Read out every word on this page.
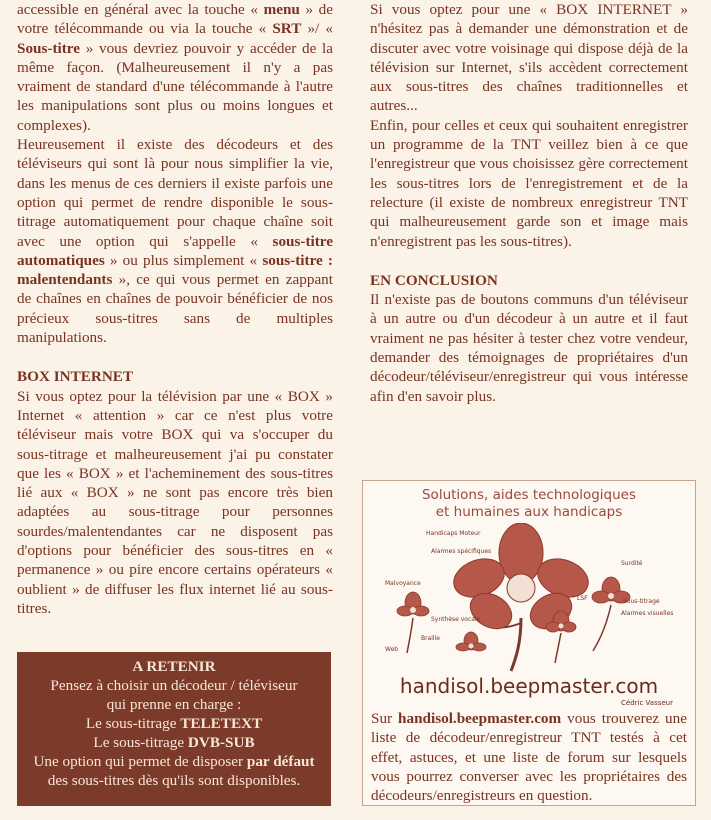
accessible en général avec la touche « menu » de votre télécommande ou via la touche « SRT »/ « Sous-titre » vous devriez pouvoir y accéder de la même façon. (Malheureusement il n'y a pas vraiment de standard d'une télécommande à l'autre les manipulations sont plus ou moins longues et complexes).

Heureusement il existe des décodeurs et des téléviseurs qui sont là pour nous simplifier la vie, dans les menus de ces derniers il existe parfois une option qui permet de rendre disponible le sous-titrage automatiquement pour chaque chaîne soit avec une option qui s'appelle « sous-titre automatiques » ou plus simplement « sous-titre : malentendants », ce qui vous permet en zappant de chaînes en chaînes de pouvoir bénéficier de nos précieux sous-titres sans de multiples manipulations.

BOX INTERNET

Si vous optez pour la télévision par une « BOX » Internet « attention » car ce n'est plus votre téléviseur mais votre BOX qui va s'occuper du sous-titrage et malheureusement j'ai pu constater que les « BOX » et l'acheminement des sous-titres lié aux « BOX » ne sont pas encore très bien adaptées au sous-titrage pour personnes sourdes/malentendantes car ne disposent pas d'options pour bénéficier des sous-titres en « permanence » ou pire encore certains opérateurs « oublient » de diffuser les flux internet lié au sous-titres.

A RETENIR
Pensez à choisir un décodeur / téléviseur
qui prenne en charge :
Le sous-titrage TELETEXT
Le sous-titrage DVB-SUB
Une option qui permet de disposer par défaut
des sous-titres dès qu'ils sont disponibles.

Si vous optez pour une « BOX INTERNET » n'hésitez pas à demander une démonstration et de discuter avec votre voisinage qui dispose déjà de la télévision sur Internet, s'ils accèdent correctement aux sous-titres des chaînes traditionnelles et autres...

Enfin, pour celles et ceux qui souhaitent enregistrer un programme de la TNT veillez bien à ce que l'enregistreur que vous choisissez gère correctement les sous-titres lors de l'enregistrement et de la relecture (il existe de nombreux enregistreur TNT qui malheureusement garde son et image mais n'enregistrent pas les sous-titres).

EN CONCLUSION

Il n'existe pas de boutons communs d'un téléviseur à un autre ou d'un décodeur à un autre et il faut vraiment ne pas hésiter à tester chez votre vendeur, demander des témoignages de propriétaires d'un décodeur/téléviseur/enregistreur qui vous intéresse afin d'en savoir plus.

Solutions, aides technologiques
et humaines aux handicaps
Handicaps Moteur
Alarmes spécifiques
Surdité
Sous-titrage
LSF
Alarmes visuelles
Malvoyance
Synthèse vocale
Braille
Web
handisol.beepmaster.com
Cédric Vasseur
Sur handisol.beepmaster.com vous trouverez une liste de décodeur/enregistreur TNT testés à cet effet, astuces, et une liste de forum sur lesquels vous pourrez converser avec les propriétaires des décodeurs/enregistreurs en question.
